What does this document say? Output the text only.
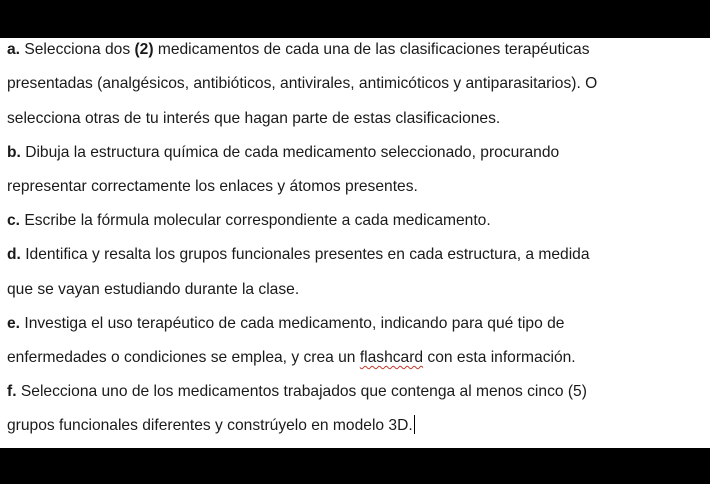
a. Selecciona dos (2) medicamentos de cada una de las clasificaciones terapéuticas
presentadas (analgésicos, antibióticos, antivirales, antimicóticos y antiparasitarios). O
selecciona otras de tu interés que hagan parte de estas clasificaciones.
b. Dibuja la estructura química de cada medicamento seleccionado, procurando
representar correctamente los enlaces y átomos presentes.
c. Escribe la fórmula molecular correspondiente a cada medicamento.
d. Identifica y resalta los grupos funcionales presentes en cada estructura, a medida
que se vayan estudiando durante la clase.
e. Investiga el uso terapéutico de cada medicamento, indicando para qué tipo de
enfermedades o condiciones se emplea, y crea un flashcard con esta información.
f. Selecciona uno de los medicamentos trabajados que contenga al menos cinco (5)
grupos funcionales diferentes y constrúyelo en modelo 3D.
